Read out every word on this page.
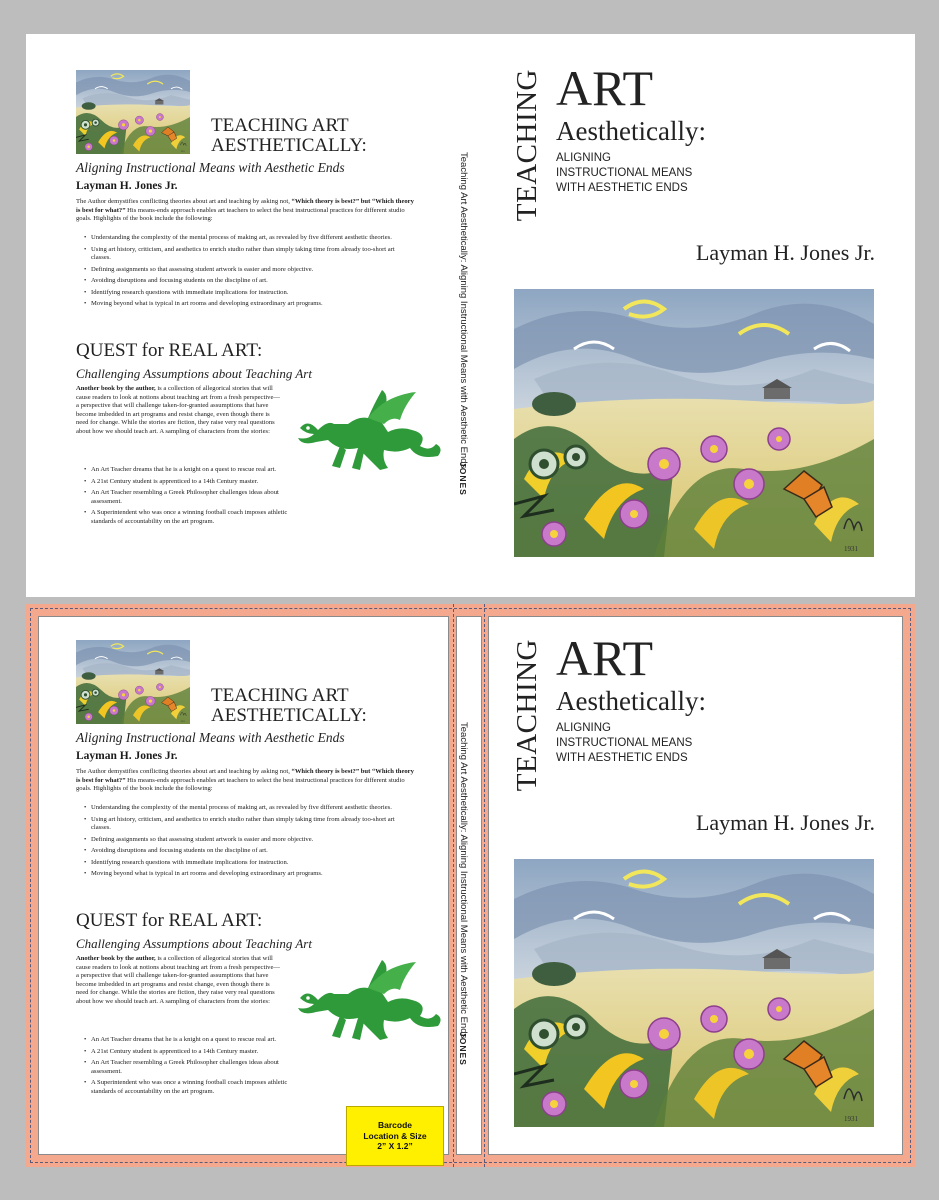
TEACHING ART
AESTHETICALLY:
Aligning Instructional Means with Aesthetic Ends
Layman H. Jones Jr.
The Author demystifies conflicting theories about art and teaching by asking not, “Which theory is best?” but “Which theory is best for what?” His means-ends approach enables art teachers to select the best instructional practices for different studio goals. Highlights of the book include the following:
• Understanding the complexity of the mental process of making art, as revealed by five different aesthetic theories.
• Using art history, criticism, and aesthetics to enrich studio rather than simply taking time from already too-short art classes.
• Defining assignments so that assessing student artwork is easier and more objective.
• Avoiding disruptions and focusing students on the discipline of art.
• Identifying research questions with immediate implications for instruction.
• Moving beyond what is typical in art rooms and developing extraordinary art programs.
QUEST for REAL ART:
Challenging Assumptions about Teaching Art
Another book by the author, is a collection of allegorical stories that will cause readers to look at notions about teaching art from a fresh perspective— a perspective that will challenge taken-for-granted assumptions that have become imbedded in art programs and resist change, even though there is need for change. While the stories are fiction, they raise very real questions about how we should teach art. A sampling of characters from the stories:
• An Art Teacher dreams that he is a knight on a quest to rescue real art.
• A 21st Century student is apprenticed to a 14th Century master.
• An Art Teacher resembling a Greek Philosopher challenges ideas about assessment.
• A Superintendent who was once a winning football coach imposes athletic standards of accountability on the art program.
Teaching Art Aesthetically: Aligning Instructional Means with Aesthetic Ends
JONES
TEACHING ART
Aesthetically:
ALIGNING
INSTRUCTIONAL MEANS
WITH AESTHETIC ENDS
Layman H. Jones Jr.
TEACHING ART
AESTHETICALLY:
Aligning Instructional Means with Aesthetic Ends
Layman H. Jones Jr.
The Author demystifies conflicting theories about art and teaching by asking not, “Which theory is best?” but “Which theory is best for what?” His means-ends approach enables art teachers to select the best instructional practices for different studio goals. Highlights of the book include the following:
• Understanding the complexity of the mental process of making art, as revealed by five different aesthetic theories.
• Using art history, criticism, and aesthetics to enrich studio rather than simply taking time from already too-short art classes.
• Defining assignments so that assessing student artwork is easier and more objective.
• Avoiding disruptions and focusing students on the discipline of art.
• Identifying research questions with immediate implications for instruction.
• Moving beyond what is typical in art rooms and developing extraordinary art programs.
QUEST for REAL ART:
Challenging Assumptions about Teaching Art
Another book by the author, is a collection of allegorical stories that will cause readers to look at notions about teaching art from a fresh perspective— a perspective that will challenge taken-for-granted assumptions that have become imbedded in art programs and resist change, even though there is need for change. While the stories are fiction, they raise very real questions about how we should teach art. A sampling of characters from the stories:
• An Art Teacher dreams that he is a knight on a quest to rescue real art.
• A 21st Century student is apprenticed to a 14th Century master.
• An Art Teacher resembling a Greek Philosopher challenges ideas about assessment.
• A Superintendent who was once a winning football coach imposes athletic standards of accountability on the art program.
Barcode
Location & Size
2” X 1.2”
Teaching Art Aesthetically: Aligning Instructional Means with Aesthetic Ends
JONES
TEACHING ART
Aesthetically:
ALIGNING
INSTRUCTIONAL MEANS
WITH AESTHETIC ENDS
Layman H. Jones Jr.
